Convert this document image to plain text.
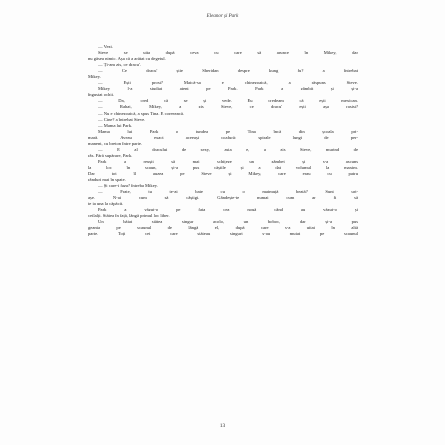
Eleanor și Park
— Vezi.
Steve se uita după ceva cu care să arunce în Mikey, dar
nu găsea nimic. Așa că a arătat cu degetul.
— Ți-am zis, ce dracu'.
— Ce dracu' știe Sheridan despre kung fu? a întrebat
Mikey.
— Ești prost? Maică-sa e chinezoaică, a răspuns Steve.
Mikey l-a studiat atent pe Park. Park a zâmbit și și-a
îngustat ochii.
— Da, cred că se și vede. Eu credeam că ești mexican.
— Rahat, Mikey, a zis Steve, ce dracu' ești așa rasist?
— Nu e chinezoaică, a spus Tina. E coreeancă.
— Cine? a întrebat Steve.
— Mama lui Park.
Mama lui Park o tundea pe Tina încă din școala pri-
mară. Aveau exact aceeași coafură: spirale lungi de per-
manent, cu breton între parte.
— E al dracului de sexy, asta e, a zis Steve, murind de
râs. Fără supărare, Park.
Park a reușit să mai schițeze un zâmbet și s-a ascuns
la loc în scaun, și-a pus căștile și a dat volumul la maxim.
Dar tot îl auzea pe Steve și Mikey, care erau cu patru
rânduri mai în spate.
— Și care-i faza? întreba Mikey.
— Frate, tu te-ai bate cu o maimuță beată? Sunt uri-
așe. N-ai cum să câștigi. Gândește-te numai cum ar fi să
te ia una la căpăcit.
Park a văzut-o pe fata cea nouă când au văzut-o și
ceilalți. Stătea în față, lângă primul loc liber.
Un băiat stătea singur acolo, un boboc, dar și-a pus
geanta pe scaunul de lângă el, după care s-a uitat în altă
parte. Toți cei care stăteau singuri s-au mutat pe scaunul
13
